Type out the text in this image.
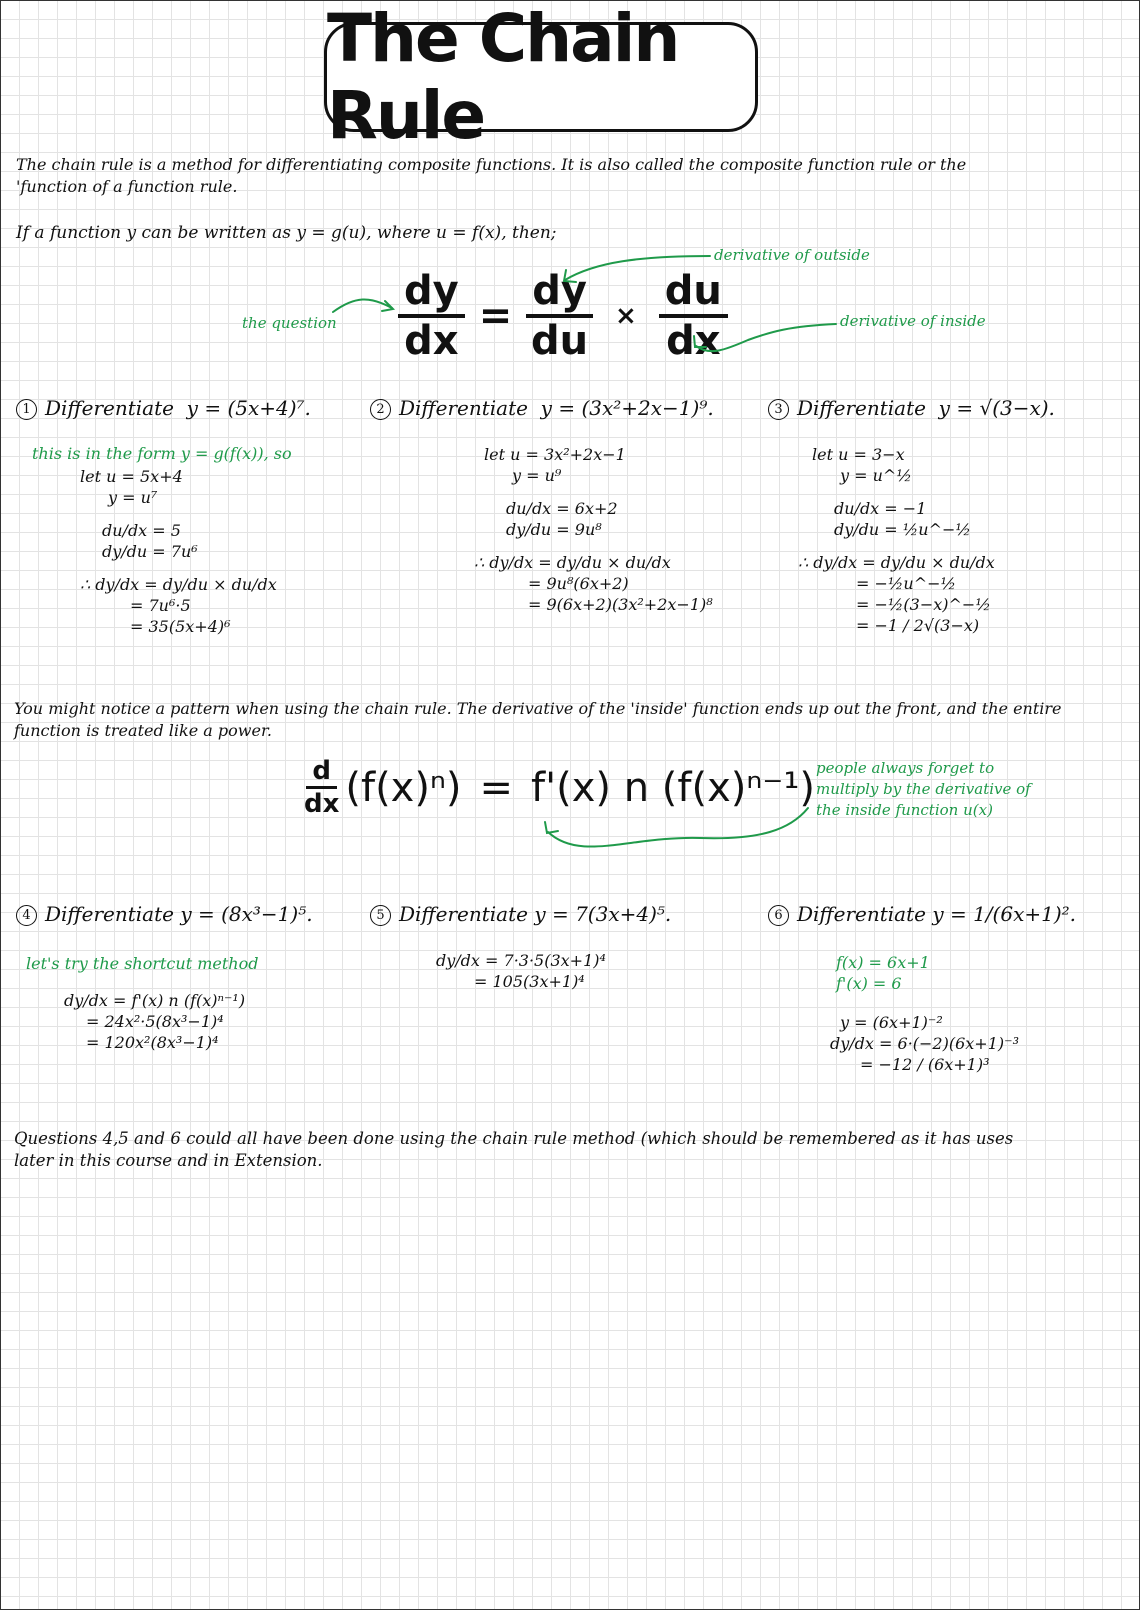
The Chain Rule
The chain rule is a method for differentiating composite functions. It is also called the composite function rule or the
'function of a function rule.
If a function y can be written as y = g(u), where u = f(x), then;
$\frac{dy}{dx} = \frac{dy}{du} \times \frac{du}{dx}$
the question
derivative of outside
derivative of inside
1 Differentiate y = (5x+4)⁷.
this is in the form y = g(f(x)), so
let u = 5x+4
y = u⁷
du/dx = 5
dy/du = 7u⁶
∴ dy/dx = dy/du × du/dx
= 7u⁶·5
= 35(5x+4)⁶
2 Differentiate y = (3x²+2x−1)⁹.
let u = 3x²+2x−1
y = u⁹
du/dx = 6x+2
dy/du = 9u⁸
∴ dy/dx = dy/du × du/dx
= 9u⁸(6x+2)
= 9(6x+2)(3x²+2x−1)⁸
3 Differentiate y = √(3−x).
let u = 3−x
y = u^½
du/dx = −1
dy/du = ½u^−½
∴ dy/dx = dy/du × du/dx
= −½u^−½
= −½(3−x)^−½
= −1 / 2√(3−x)
You might notice a pattern when using the chain rule. The derivative of the 'inside' function ends up out the front, and the entire
function is treated like a power.
$\frac{d}{dx} (f(x)^n) = f'(x)$ n (f(x)ⁿ⁻¹) people always forget to
multiply by the derivative of
the inside function u(x)
4 Differentiate y = (8x³−1)⁵.
let's try the shortcut method
dy/dx = f'(x) n (f(x)ⁿ⁻¹)
= 24x²·5(8x³−1)⁴
= 120x²(8x³−1)⁴
5 Differentiate y = 7(3x+4)⁵.
dy/dx = 7·3·5(3x+1)⁴
= 105(3x+1)⁴
6 Differentiate y = 1/(6x+1)².
f(x) = 6x+1
f'(x) = 6
y = (6x+1)⁻²
dy/dx = 6·(−2)(6x+1)⁻³
= −12 / (6x+1)³
Questions 4,5 and 6 could all have been done using the chain rule method (which should be remembered as it has uses
later in this course and in Extension.
